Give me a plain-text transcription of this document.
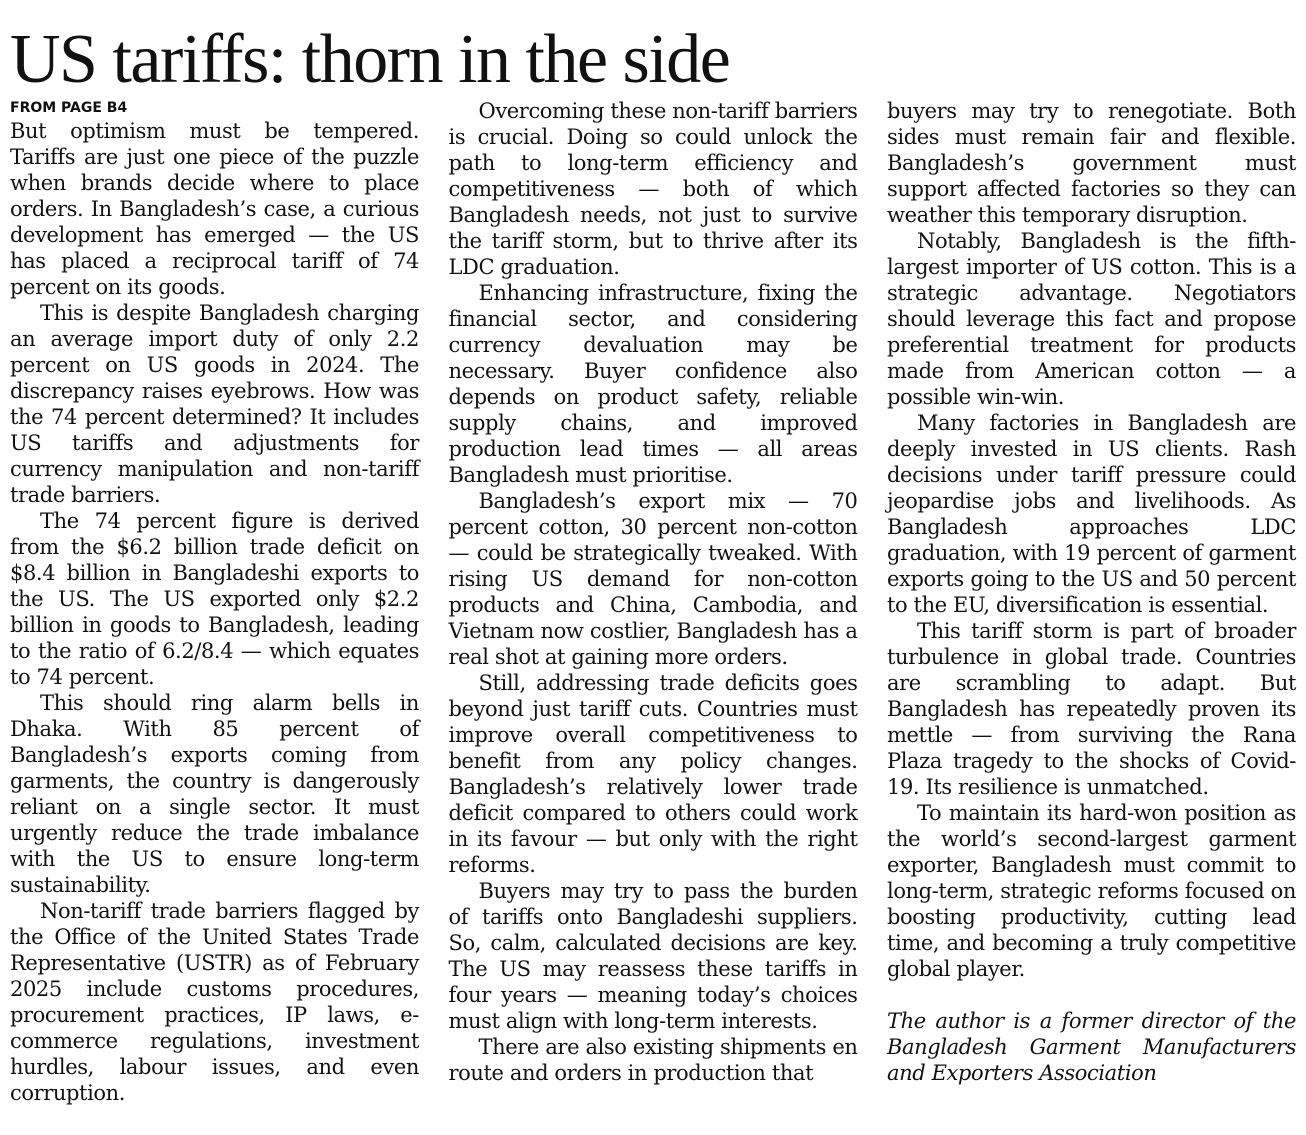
US tariffs: thorn in the side
FROM PAGE B4

But optimism must be tempered. Tariffs are just one piece of the puzzle when brands decide where to place orders. In Bangladesh’s case, a curious development has emerged — the US has placed a reciprocal tariff of 74 percent on its goods.

This is despite Bangladesh charging an average import duty of only 2.2 percent on US goods in 2024. The discrepancy raises eyebrows. How was the 74 percent determined? It includes US tariffs and adjustments for currency manipulation and non-tariff trade barriers.

The 74 percent figure is derived from the $6.2 billion trade deficit on $8.4 billion in Bangladeshi exports to the US. The US exported only $2.2 billion in goods to Bangladesh, leading to the ratio of 6.2/8.4 — which equates to 74 percent.

This should ring alarm bells in Dhaka. With 85 percent of Bangladesh’s exports coming from garments, the country is dangerously reliant on a single sector. It must urgently reduce the trade imbalance with the US to ensure long-term sustainability.

Non-tariff trade barriers flagged by the Office of the United States Trade Representative (USTR) as of February 2025 include customs procedures, procurement practices, IP laws, e-commerce regulations, investment hurdles, labour issues, and even corruption.

Overcoming these non-tariff barriers is crucial. Doing so could unlock the path to long-term efficiency and competitiveness — both of which Bangladesh needs, not just to survive the tariff storm, but to thrive after its LDC graduation.

Enhancing infrastructure, fixing the financial sector, and considering currency devaluation may be necessary. Buyer confidence also depends on product safety, reliable supply chains, and improved production lead times — all areas Bangladesh must prioritise.

Bangladesh’s export mix — 70 percent cotton, 30 percent non-cotton — could be strategically tweaked. With rising US demand for non-cotton products and China, Cambodia, and Vietnam now costlier, Bangladesh has a real shot at gaining more orders.

Still, addressing trade deficits goes beyond just tariff cuts. Countries must improve overall competitiveness to benefit from any policy changes. Bangladesh’s relatively lower trade deficit compared to others could work in its favour — but only with the right reforms.

Buyers may try to pass the burden of tariffs onto Bangladeshi suppliers. So, calm, calculated decisions are key. The US may reassess these tariffs in four years — meaning today’s choices must align with long-term interests.

There are also existing shipments en route and orders in production that

buyers may try to renegotiate. Both sides must remain fair and flexible. Bangladesh’s government must support affected factories so they can weather this temporary disruption.

Notably, Bangladesh is the fifth-largest importer of US cotton. This is a strategic advantage. Negotiators should leverage this fact and propose preferential treatment for products made from American cotton — a possible win-win.

Many factories in Bangladesh are deeply invested in US clients. Rash decisions under tariff pressure could jeopardise jobs and livelihoods. As Bangladesh approaches LDC graduation, with 19 percent of garment exports going to the US and 50 percent to the EU, diversification is essential.

This tariff storm is part of broader turbulence in global trade. Countries are scrambling to adapt. But Bangladesh has repeatedly proven its mettle — from surviving the Rana Plaza tragedy to the shocks of Covid-19. Its resilience is unmatched.

To maintain its hard-won position as the world’s second-largest garment exporter, Bangladesh must commit to long-term, strategic reforms focused on boosting productivity, cutting lead time, and becoming a truly competitive global player.

The author is a former director of the Bangladesh Garment Manufacturers and Exporters Association
